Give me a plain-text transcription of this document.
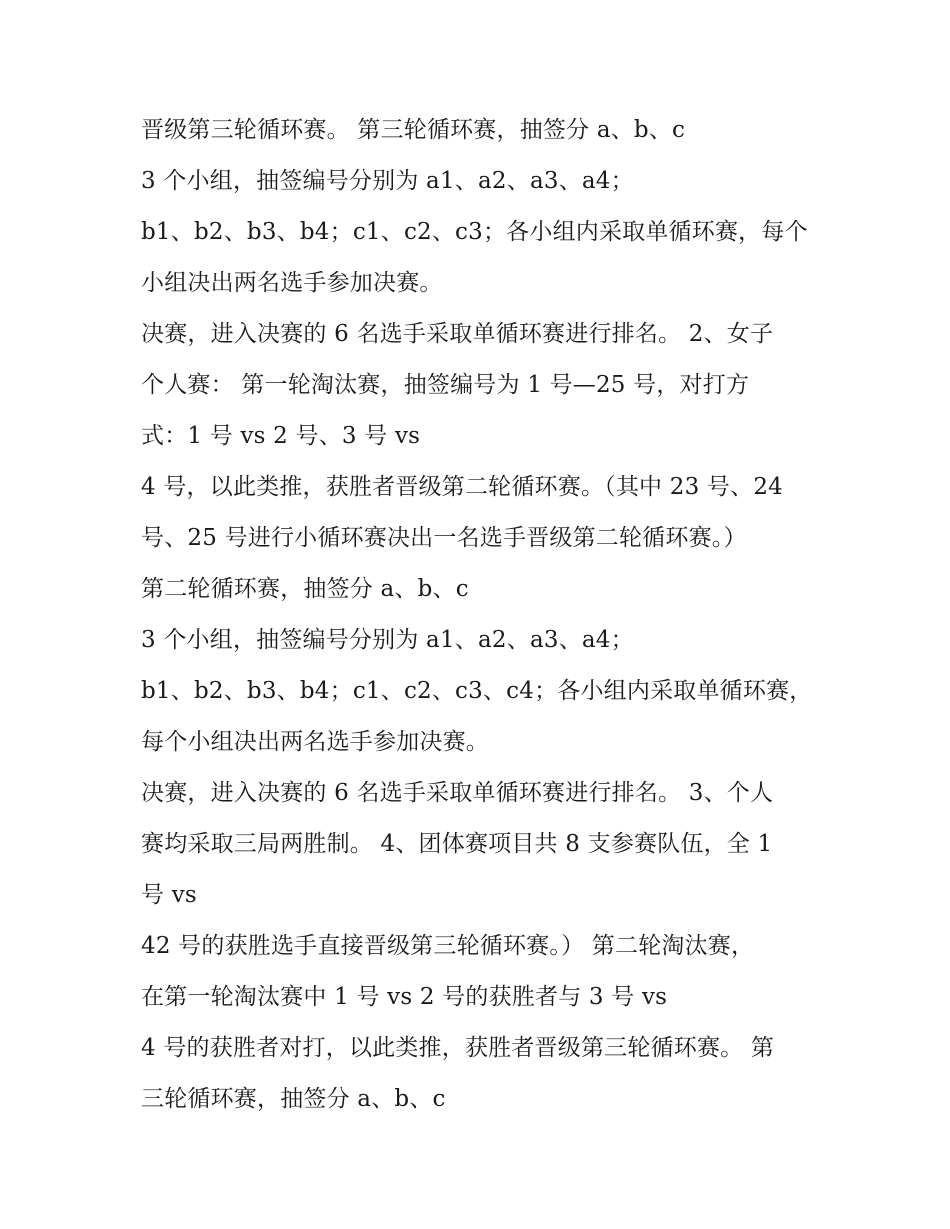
晋级第三轮循环赛。 第三轮循环赛，抽签分 a、b、c
3 个小组，抽签编号分别为 a1、a2、a3、a4；
b1、b2、b3、b4；c1、c2、c3；各小组内采取单循环赛，每个
小组决出两名选手参加决赛。
决赛，进入决赛的 6 名选手采取单循环赛进行排名。 2、女子
个人赛： 第一轮淘汰赛，抽签编号为 1 号—25 号，对打方
式：1 号 vs 2 号、3 号 vs
4 号，以此类推，获胜者晋级第二轮循环赛。（其中 23 号、24
号、25 号进行小循环赛决出一名选手晋级第二轮循环赛。）
第二轮循环赛，抽签分 a、b、c
3 个小组，抽签编号分别为 a1、a2、a3、a4；
b1、b2、b3、b4；c1、c2、c3、c4；各小组内采取单循环赛，
每个小组决出两名选手参加决赛。
决赛，进入决赛的 6 名选手采取单循环赛进行排名。 3、个人
赛均采取三局两胜制。 4、团体赛项目共 8 支参赛队伍，全 1
号 vs
42 号的获胜选手直接晋级第三轮循环赛。） 第二轮淘汰赛，
在第一轮淘汰赛中 1 号 vs 2 号的获胜者与 3 号 vs
4 号的获胜者对打，以此类推，获胜者晋级第三轮循环赛。 第
三轮循环赛，抽签分 a、b、c
